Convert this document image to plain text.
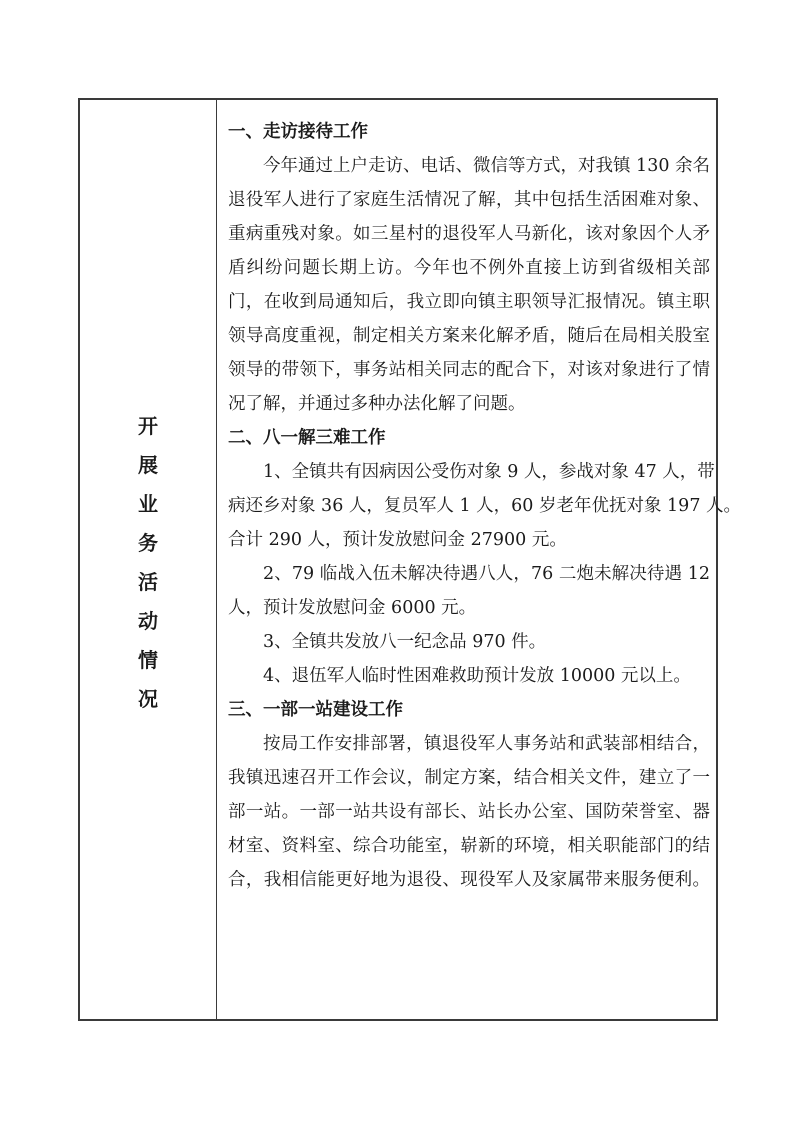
开
展
业
务
活
动
情
况
一、走访接待工作
今年通过上户走访、电话、微信等方式，对我镇 130 余名
退役军人进行了家庭生活情况了解，其中包括生活困难对象、
重病重残对象。如三星村的退役军人马新化，该对象因个人矛
盾纠纷问题长期上访。今年也不例外直接上访到省级相关部
门，在收到局通知后，我立即向镇主职领导汇报情况。镇主职
领导高度重视，制定相关方案来化解矛盾，随后在局相关股室
领导的带领下，事务站相关同志的配合下，对该对象进行了情
况了解，并通过多种办法化解了问题。
二、八一解三难工作
1、全镇共有因病因公受伤对象 9 人，参战对象 47 人，带
病还乡对象 36 人，复员军人 1 人，60 岁老年优抚对象 197 人。
合计 290 人，预计发放慰问金 27900 元。
2、79 临战入伍未解决待遇八人，76 二炮未解决待遇 12
人，预计发放慰问金 6000 元。
3、全镇共发放八一纪念品 970 件。
4、退伍军人临时性困难救助预计发放 10000 元以上。
三、一部一站建设工作
按局工作安排部署，镇退役军人事务站和武装部相结合，
我镇迅速召开工作会议，制定方案，结合相关文件，建立了一
部一站。一部一站共设有部长、站长办公室、国防荣誉室、器
材室、资料室、综合功能室，崭新的环境，相关职能部门的结
合，我相信能更好地为退役、现役军人及家属带来服务便利。
